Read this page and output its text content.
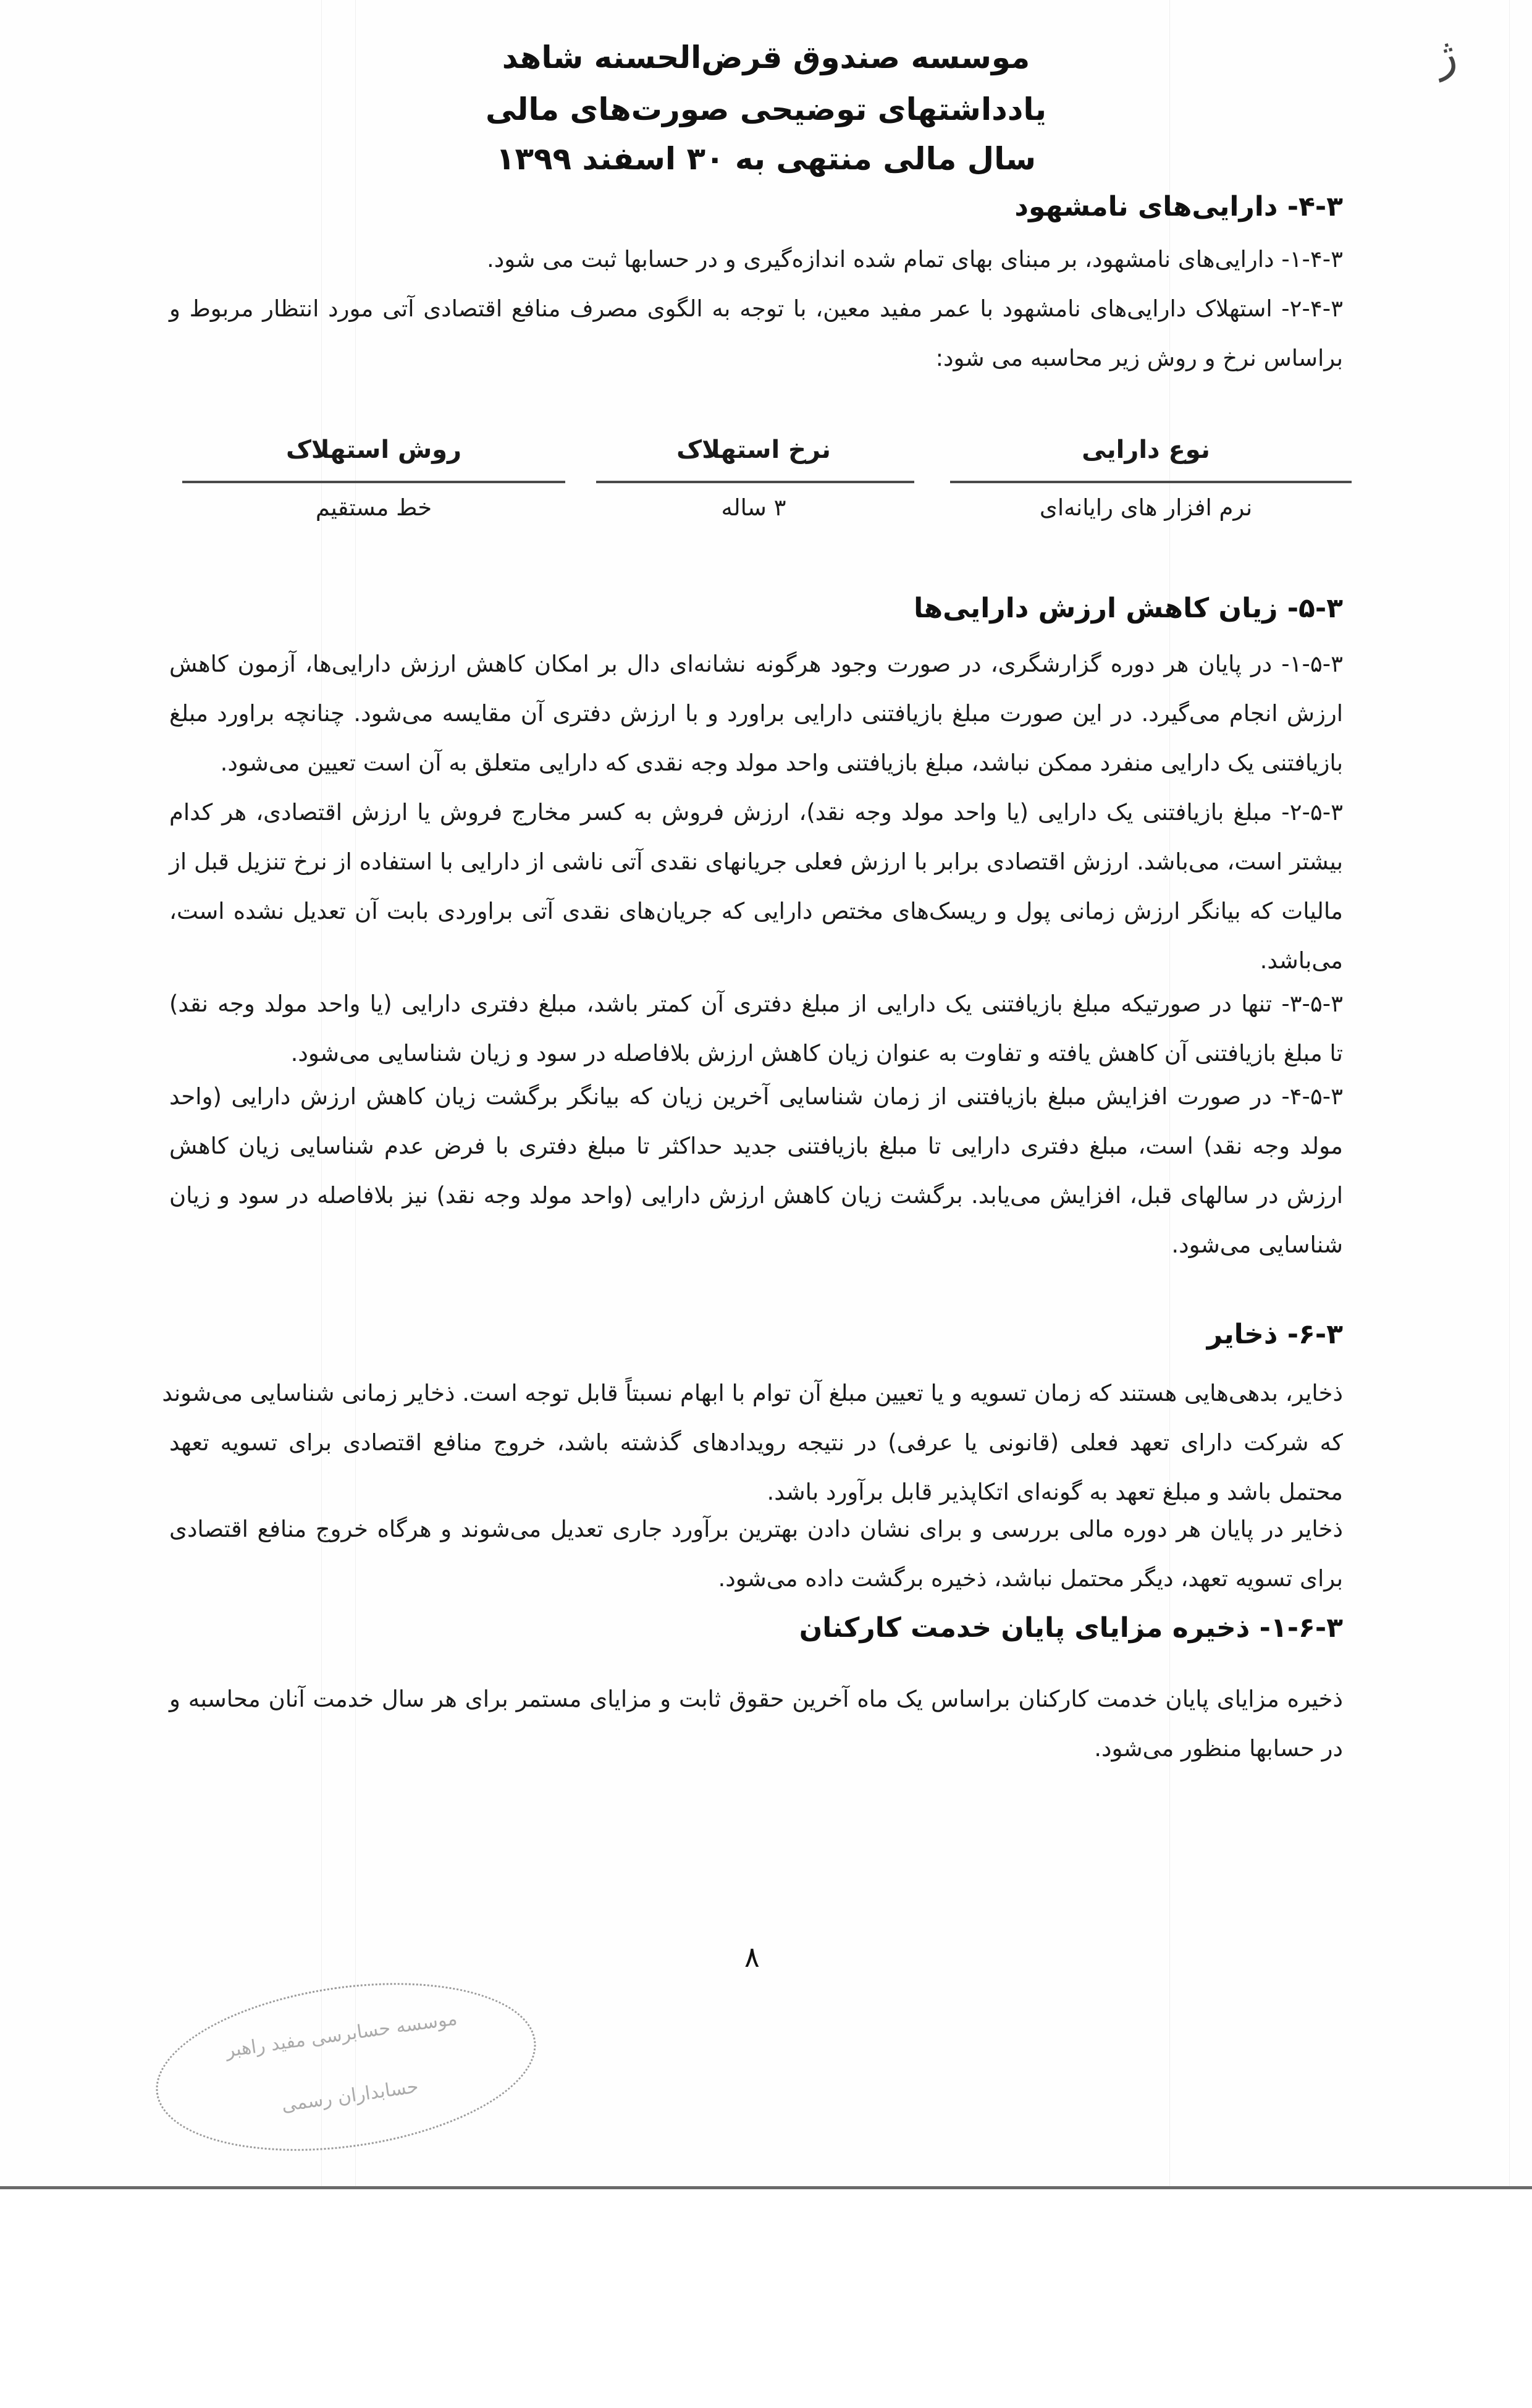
ژ
موسسه صندوق قرض‌الحسنه شاهد
یادداشتهای توضیحی صورت‌های مالی
سال مالی منتهی به ۳۰ اسفند ۱۳۹۹
۴-۳- دارایی‌های نامشهود
۱-۴-۳- دارایی‌های نامشهود، بر مبنای بهای تمام شده اندازه‌گیری و در حسابها ثبت می شود.
۲-۴-۳- استهلاک دارایی‌های نامشهود با عمر مفید معین، با توجه به الگوی مصرف منافع اقتصادی آتی مورد انتظار مربوط و
براساس نرخ و روش زیر محاسبه می شود:
نوع دارایی
نرخ استهلاک
روش استهلاک
نرم افزار های رایانه‌ای
۳ ساله
خط مستقیم
۵-۳- زیان کاهش ارزش دارایی‌ها
۱-۵-۳- در پایان هر دوره گزارشگری، در صورت وجود هرگونه نشانه‌ای دال بر امکان کاهش ارزش دارایی‌ها، آزمون کاهش
ارزش انجام می‌گیرد. در این صورت مبلغ بازیافتنی دارایی براورد و با ارزش دفتری آن مقایسه می‌شود. چنانچه براورد مبلغ
بازیافتنی یک دارایی منفرد ممکن نباشد، مبلغ بازیافتنی واحد مولد وجه نقدی که دارایی متعلق به آن است تعیین می‌شود.
۲-۵-۳- مبلغ بازیافتنی یک دارایی (یا واحد مولد وجه نقد)، ارزش فروش به کسر مخارج فروش یا ارزش اقتصادی، هر کدام
بیشتر است، می‌باشد. ارزش اقتصادی برابر با ارزش فعلی جریانهای نقدی آتی ناشی از دارایی با استفاده از نرخ تنزیل قبل از
مالیات که بیانگر ارزش زمانی پول و ریسک‌های مختص دارایی که جریان‌های نقدی آتی براوردی بابت آن تعدیل نشده است،
می‌باشد.
۳-۵-۳- تنها در صورتیکه مبلغ بازیافتنی یک دارایی از مبلغ دفتری آن کمتر باشد، مبلغ دفتری دارایی (یا واحد مولد وجه نقد)
تا مبلغ بازیافتنی آن کاهش یافته و تفاوت به عنوان زیان کاهش ارزش بلافاصله در سود و زیان شناسایی می‌شود.
۴-۵-۳- در صورت افزایش مبلغ بازیافتنی از زمان شناسایی آخرین زیان که بیانگر برگشت زیان کاهش ارزش دارایی (واحد
مولد وجه نقد) است، مبلغ دفتری دارایی تا مبلغ بازیافتنی جدید حداکثر تا مبلغ دفتری با فرض عدم شناسایی زیان کاهش
ارزش در سالهای قبل، افزایش می‌یابد. برگشت زیان کاهش ارزش دارایی (واحد مولد وجه نقد) نیز بلافاصله در سود و زیان
شناسایی می‌شود.
۶-۳- ذخایر
ذخایر، بدهی‌هایی هستند که زمان تسویه و یا تعیین مبلغ آن توام با ابهام نسبتاً قابل توجه است. ذخایر زمانی شناسایی می‌شوند
که شرکت دارای تعهد فعلی (قانونی یا عرفی) در نتیجه رویدادهای گذشته باشد، خروج منافع اقتصادی برای تسویه تعهد
محتمل باشد و مبلغ تعهد به گونه‌ای اتکاپذیر قابل برآورد باشد.
ذخایر در پایان هر دوره مالی بررسی و برای نشان دادن بهترین برآورد جاری تعدیل می‌شوند و هرگاه خروج منافع اقتصادی
برای تسویه تعهد، دیگر محتمل نباشد، ذخیره برگشت داده می‌شود.
۱-۶-۳- ذخیره مزایای پایان خدمت کارکنان
ذخیره مزایای پایان خدمت کارکنان براساس یک ماه آخرین حقوق ثابت و مزایای مستمر برای هر سال خدمت آنان محاسبه و
در حسابها منظور می‌شود.
۸
موسسه حسابرسی مفید راهبر
حسابداران رسمی
